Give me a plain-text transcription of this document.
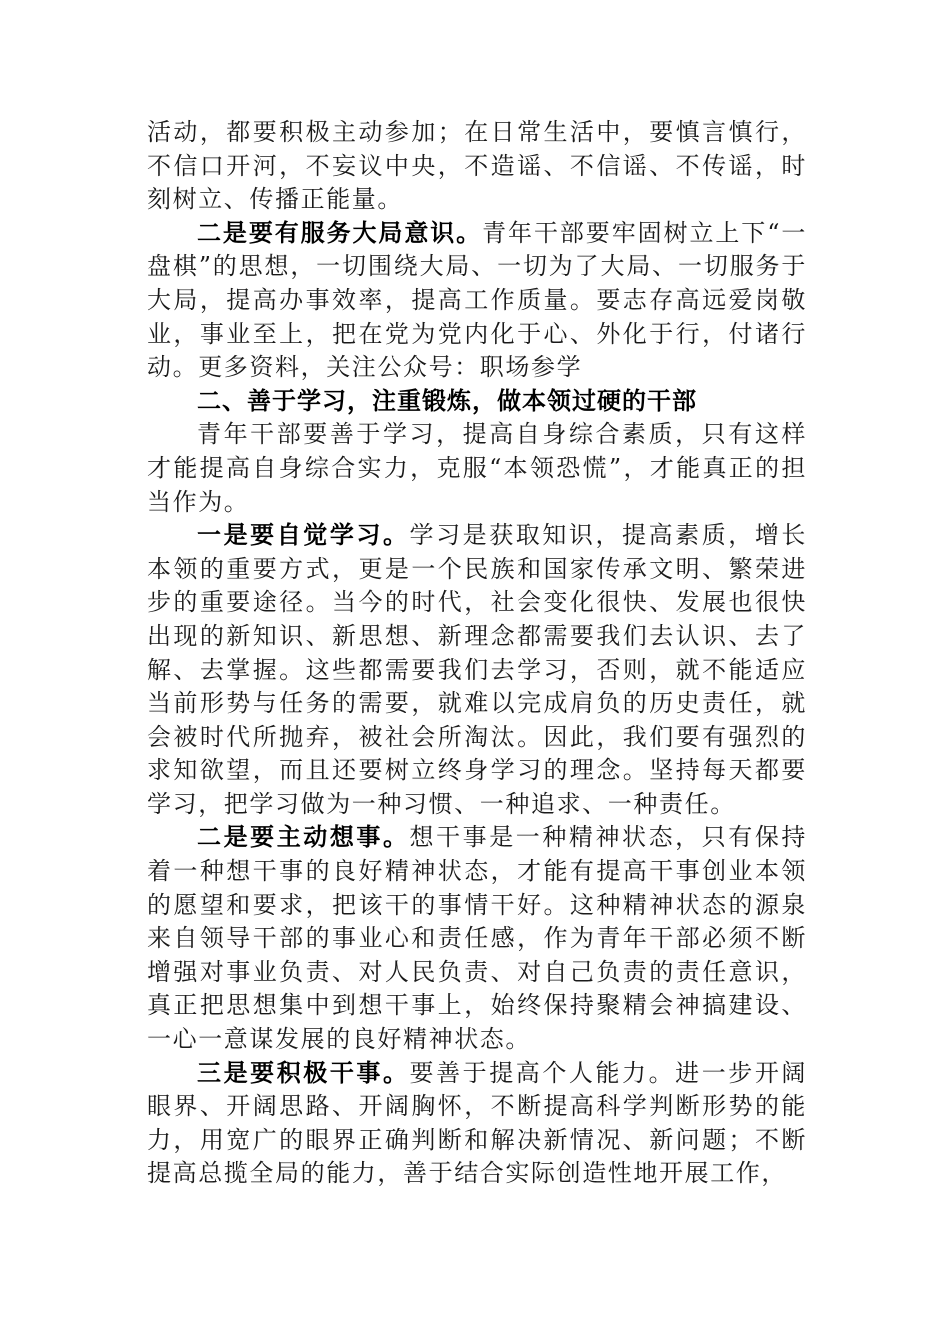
活动，都要积极主动参加；在日常生活中，要慎言慎行，不信口开河，不妄议中央，不造谣、不信谣、不传谣，时刻树立、传播正能量。

二是要有服务大局意识。青年干部要牢固树立上下“一盘棋”的思想，一切围绕大局、一切为了大局、一切服务于大局，提高办事效率，提高工作质量。要志存高远爱岗敬业，事业至上，把在党为党内化于心、外化于行，付诸行动。更多资料，关注公众号：职场参学

二、善于学习，注重锻炼，做本领过硬的干部

青年干部要善于学习，提高自身综合素质，只有这样才能提高自身综合实力，克服“本领恐慌”，才能真正的担当作为。

一是要自觉学习。学习是获取知识，提高素质，增长本领的重要方式，更是一个民族和国家传承文明、繁荣进步的重要途径。当今的时代，社会变化很快、发展也很快出现的新知识、新思想、新理念都需要我们去认识、去了解、去掌握。这些都需要我们去学习，否则，就不能适应当前形势与任务的需要，就难以完成肩负的历史责任，就会被时代所抛弃，被社会所淘汰。因此，我们要有强烈的求知欲望，而且还要树立终身学习的理念。坚持每天都要学习，把学习做为一种习惯、一种追求、一种责任。

二是要主动想事。想干事是一种精神状态，只有保持着一种想干事的良好精神状态，才能有提高干事创业本领的愿望和要求，把该干的事情干好。这种精神状态的源泉来自领导干部的事业心和责任感，作为青年干部必须不断增强对事业负责、对人民负责、对自己负责的责任意识，真正把思想集中到想干事上，始终保持聚精会神搞建设、一心一意谋发展的良好精神状态。

三是要积极干事。要善于提高个人能力。进一步开阔眼界、开阔思路、开阔胸怀，不断提高科学判断形势的能力，用宽广的眼界正确判断和解决新情况、新问题；不断提高总揽全局的能力，善于结合实际创造性地开展工作，
